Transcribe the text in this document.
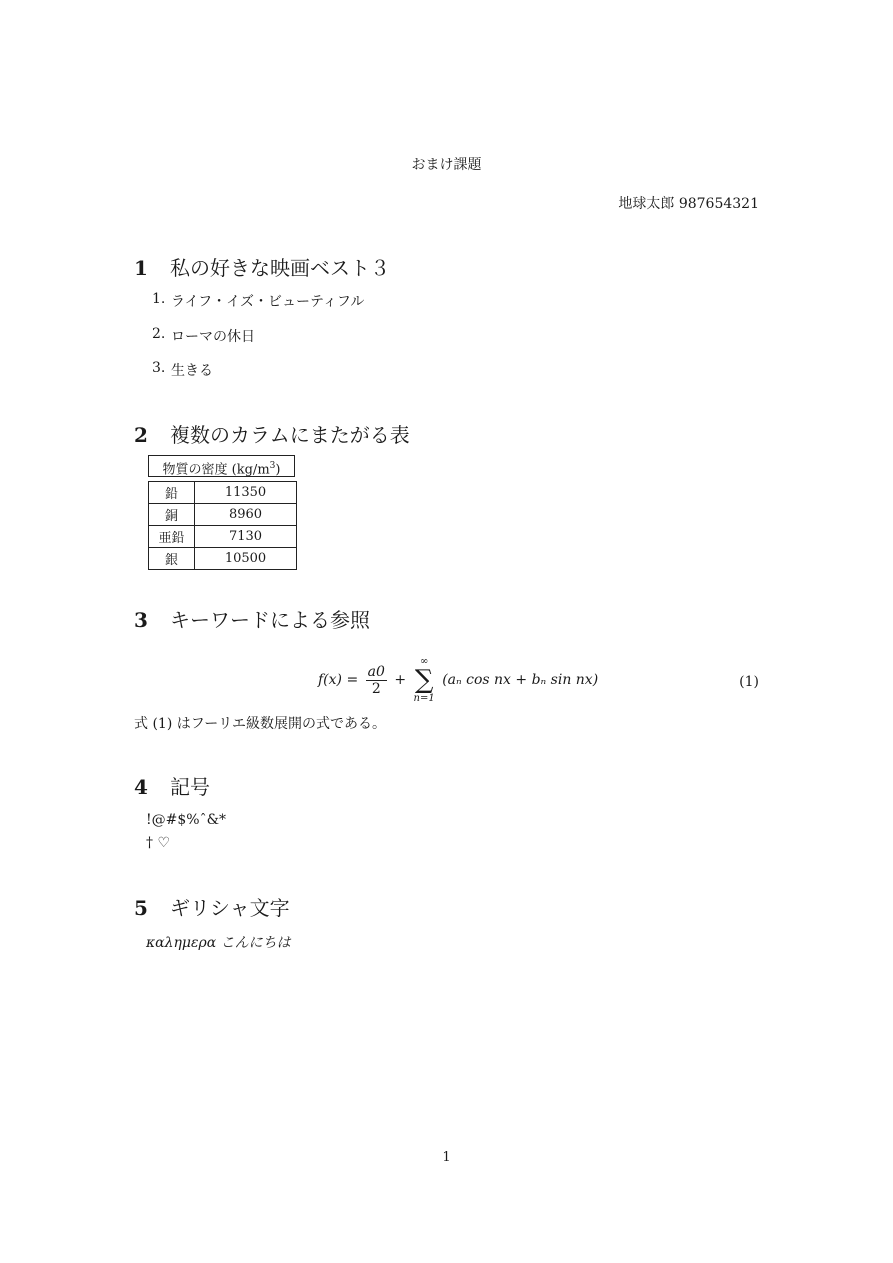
おまけ課題
地球太郎 987654321
1	私の好きな映画ベスト３
1. ライフ・イズ・ビューティフル
2. ローマの休日
3. 生きる
2	複数のカラムにまたがる表
物質の密度 $(kg/m^3)$
鉛	11350
銅	8960
亜鉛	7130
銀	10500
3	キーワードによる参照
$f(x) = \frac{a0}{2}$ +
∞
∑
n=1
(aₙ cos nx + bₙ sin nx)	(1)
式 (1) はフーリエ級数展開の式である。
4	記号
!@#$%ˆ&*
† ♡
5	ギリシャ文字
καλημερα こんにちは
1
